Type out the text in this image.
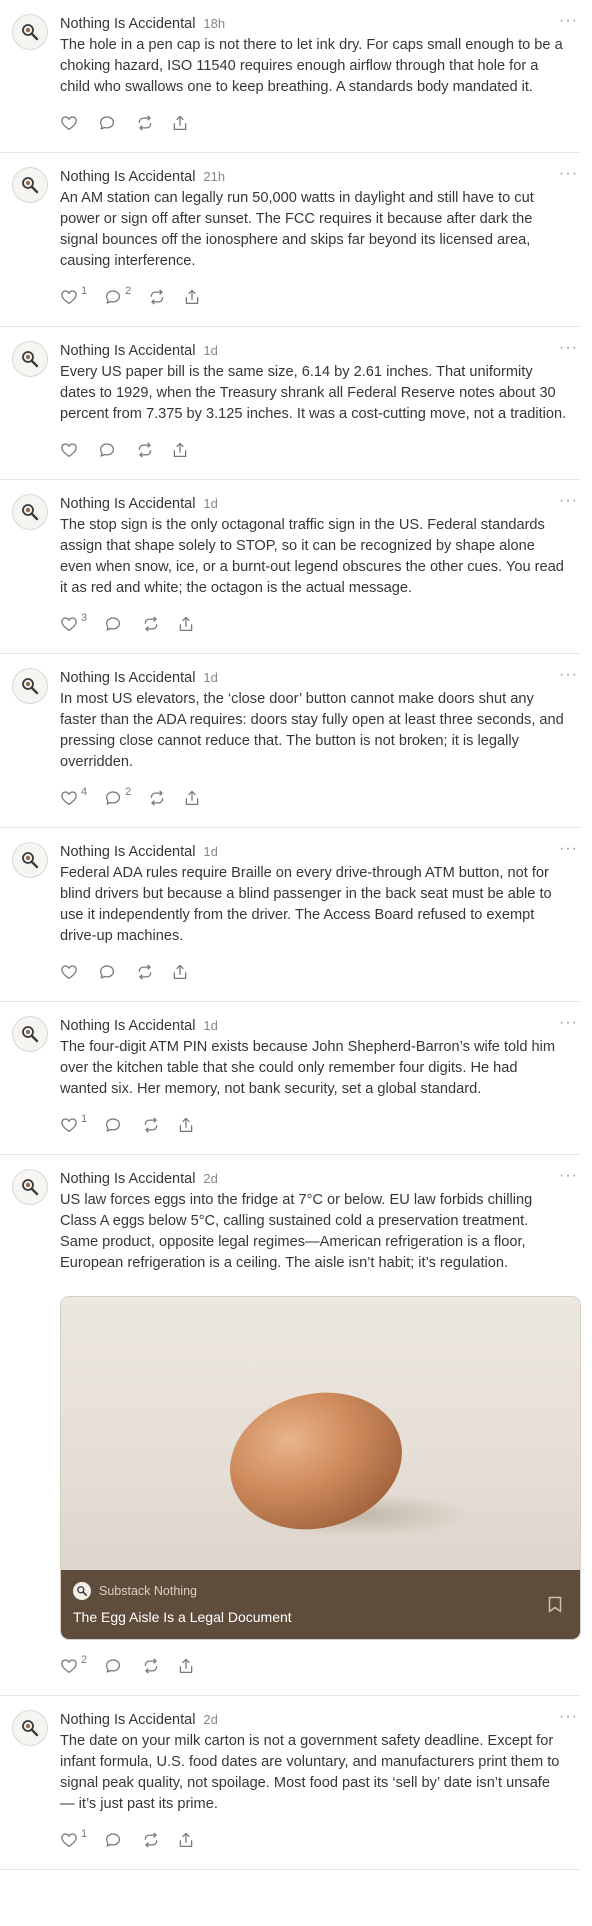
···
Nothing Is Accidental 18h

The hole in a pen cap is not there to let ink dry. For caps small enough to be a choking hazard, ISO 11540 requires enough airflow through that hole for a child who swallows one to keep breathing. A standards body mandated it.

···
Nothing Is Accidental 21h

An AM station can legally run 50,000 watts in daylight and still have to cut power or sign off after sunset. The FCC requires it because after dark the signal bounces off the ionosphere and skips far beyond its licensed area, causing interference.

1	2
···
Nothing Is Accidental 1d

Every US paper bill is the same size, 6.14 by 2.61 inches. That uniformity dates to 1929, when the Treasury shrank all Federal Reserve notes about 30 percent from 7.375 by 3.125 inches. It was a cost-cutting move, not a tradition.

···
Nothing Is Accidental 1d

The stop sign is the only octagonal traffic sign in the US. Federal standards assign that shape solely to STOP, so it can be recognized by shape alone even when snow, ice, or a burnt-out legend obscures the other cues. You read it as red and white; the octagon is the actual message.

3
···
Nothing Is Accidental 1d

In most US elevators, the ‘close door’ button cannot make doors shut any faster than the ADA requires: doors stay fully open at least three seconds, and pressing close cannot reduce that. The button is not broken; it is legally overridden.

4	2
···
Nothing Is Accidental 1d

Federal ADA rules require Braille on every drive-through ATM button, not for blind drivers but because a blind passenger in the back seat must be able to use it independently from the driver. The Access Board refused to exempt drive-up machines.

···
Nothing Is Accidental 1d

The four-digit ATM PIN exists because John Shepherd-Barron’s wife told him over the kitchen table that she could only remember four digits. He had wanted six. Her memory, not bank security, set a global standard.

1
···
Nothing Is Accidental 2d

US law forces eggs into the fridge at 7°C or below. EU law forbids chilling Class A eggs below 5°C, calling sustained cold a preservation treatment. Same product, opposite legal regimes—American refrigeration is a floor, European refrigeration is a ceiling. The aisle isn’t habit; it’s regulation.

Substack Nothing
The Egg Aisle Is a Legal Document
2
···
Nothing Is Accidental 2d

The date on your milk carton is not a government safety deadline. Except for infant formula, U.S. food dates are voluntary, and manufacturers print them to signal peak quality, not spoilage. Most food past its ‘sell by’ date isn’t unsafe — it’s just past its prime.

1
